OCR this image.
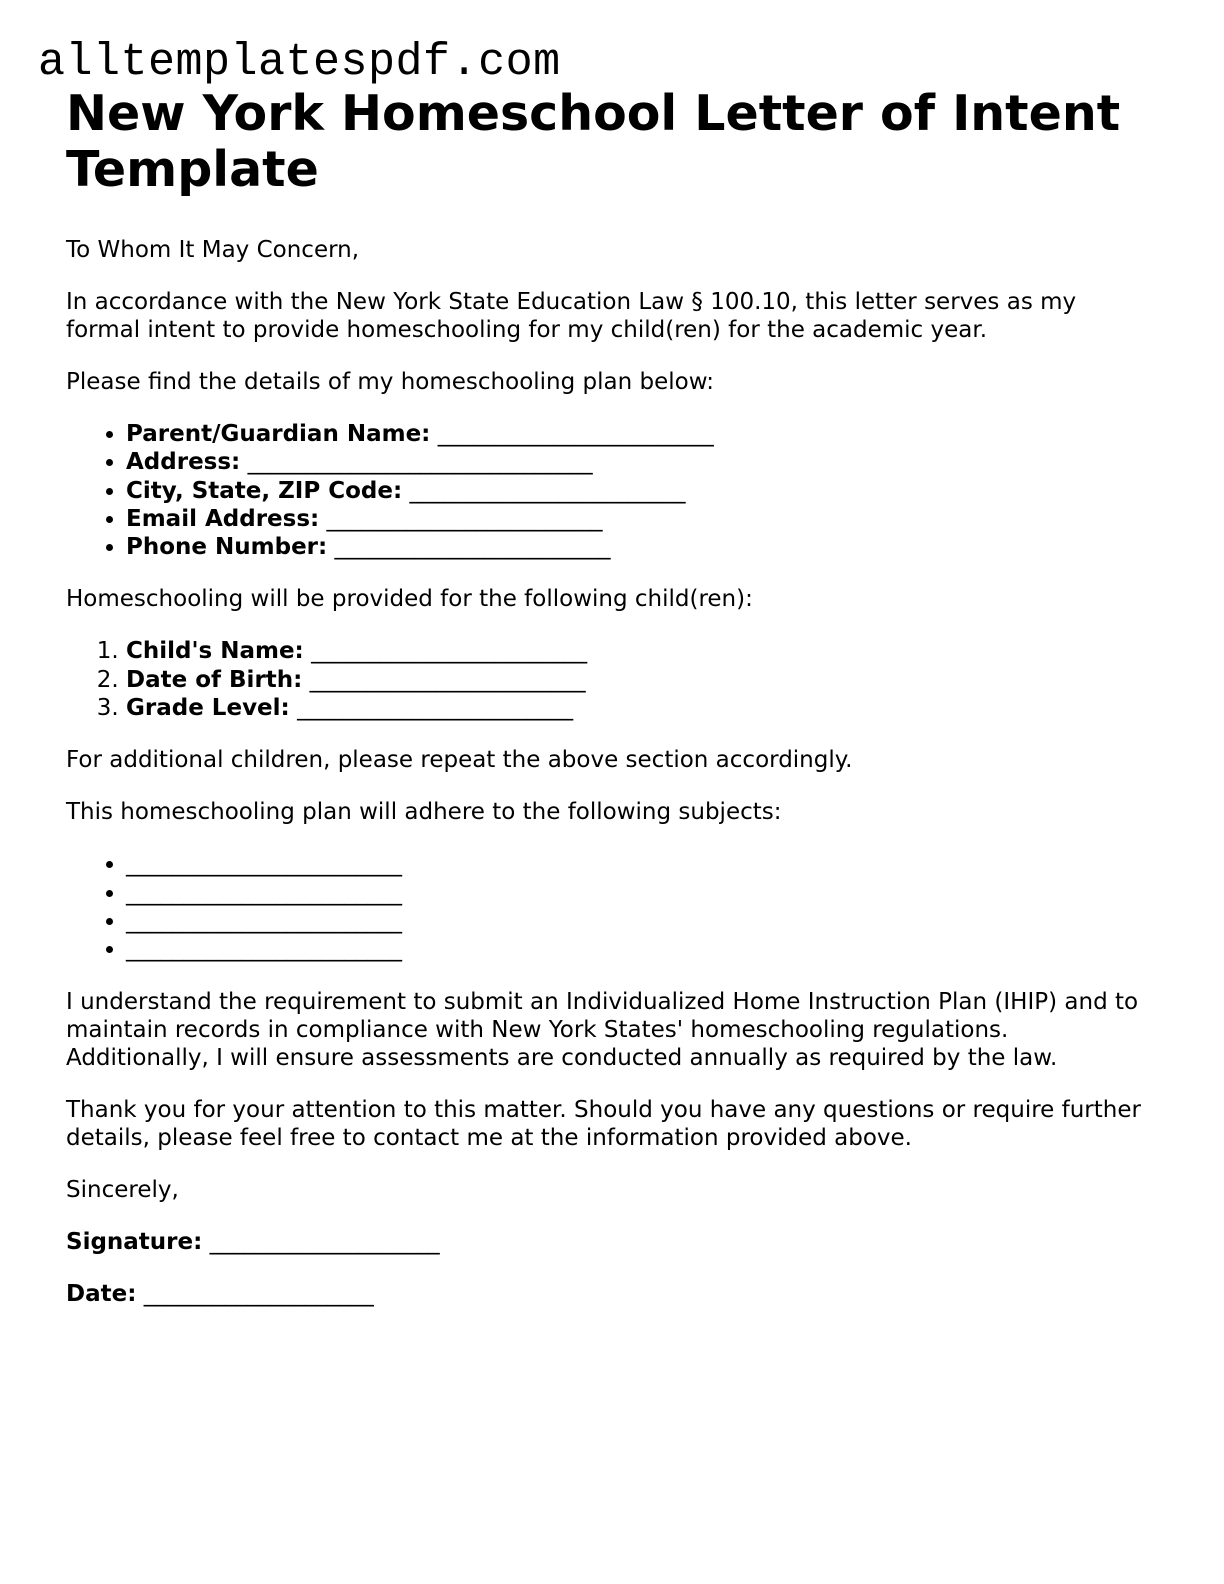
alltemplatespdf.com
New York Homeschool Letter of Intent Template

To Whom It May Concern,

In accordance with the New York State Education Law § 100.10, this letter serves as my formal intent to provide homeschooling for my child(ren) for the academic year.

Please find the details of my homeschooling plan below:

• Parent/Guardian Name: ________________________
• Address: ______________________________
• City, State, ZIP Code: ________________________
• Email Address: ________________________
• Phone Number: ________________________

Homeschooling will be provided for the following child(ren):

1. Child's Name: ________________________
2. Date of Birth: ________________________
3. Grade Level: ________________________

For additional children, please repeat the above section accordingly.

This homeschooling plan will adhere to the following subjects:

• ________________________
• ________________________
• ________________________
• ________________________

I understand the requirement to submit an Individualized Home Instruction Plan (IHIP) and to maintain records in compliance with New York States' homeschooling regulations. Additionally, I will ensure assessments are conducted annually as required by the law.

Thank you for your attention to this matter. Should you have any questions or require further details, please feel free to contact me at the information provided above.

Sincerely,

Signature: ____________________

Date: ____________________
